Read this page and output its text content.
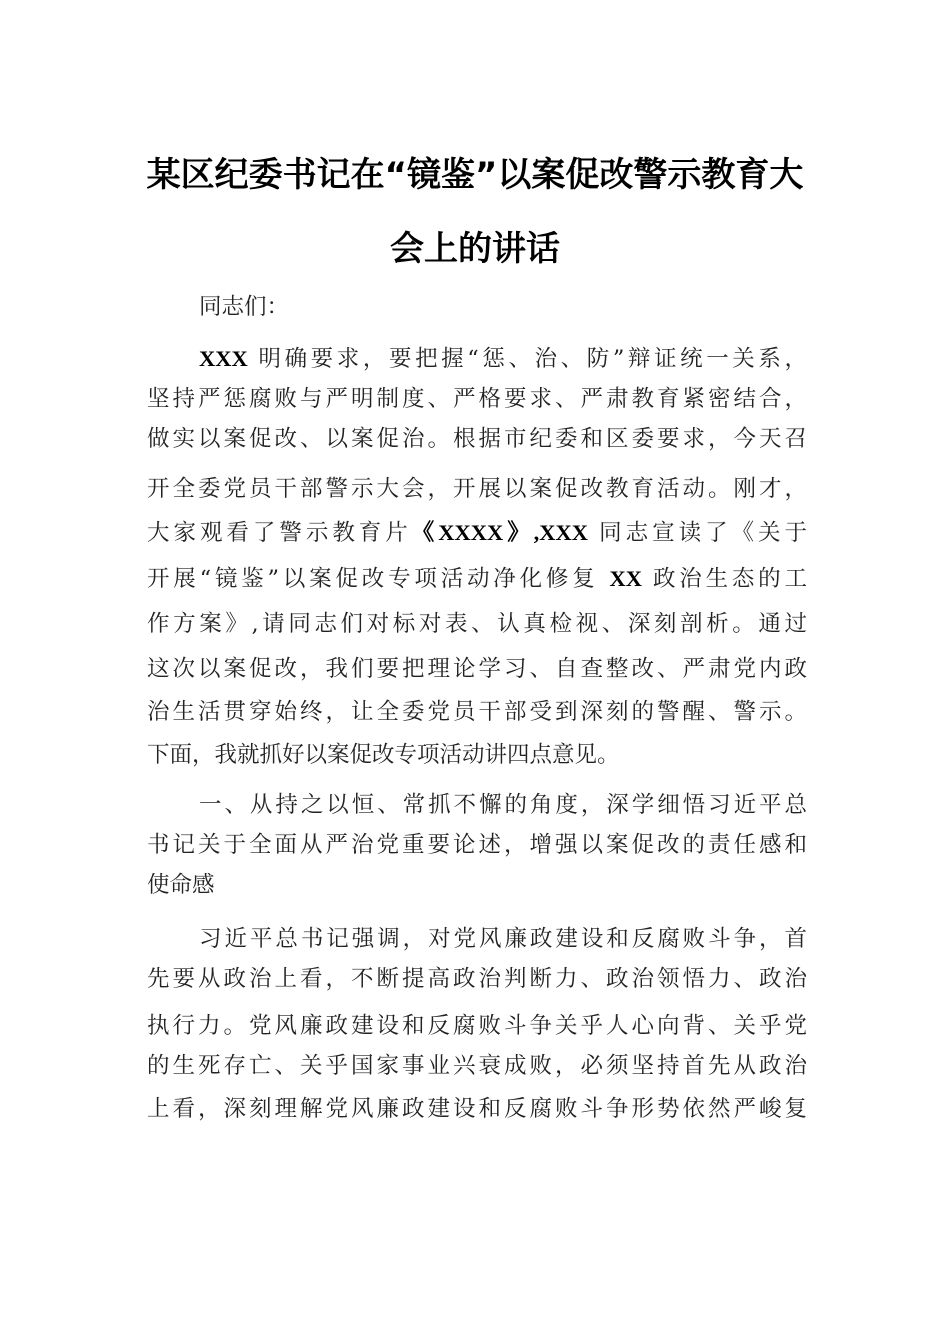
某区纪委书记在“镜鉴”以案促改警示教育大
会上的讲话
同志们：
XXX 明确要求，要把握“惩、治、防”辩证统一关系，
坚持严惩腐败与严明制度、严格要求、严肃教育紧密结合，
做实以案促改、以案促治。根据市纪委和区委要求，今天召
开全委党员干部警示大会，开展以案促改教育活动。刚才，
大家观看了警示教育片《XXXX》,XXX 同志宣读了《关于
开展“镜鉴”以案促改专项活动净化修复 XX 政治生态的工
作方案》,请同志们对标对表、认真检视、深刻剖析。通过
这次以案促改，我们要把理论学习、自查整改、严肃党内政
治生活贯穿始终，让全委党员干部受到深刻的警醒、警示。
下面，我就抓好以案促改专项活动讲四点意见。
一、从持之以恒、常抓不懈的角度，深学细悟习近平总
书记关于全面从严治党重要论述，增强以案促改的责任感和
使命感
习近平总书记强调，对党风廉政建设和反腐败斗争，首
先要从政治上看，不断提高政治判断力、政治领悟力、政治
执行力。党风廉政建设和反腐败斗争关乎人心向背、关乎党
的生死存亡、关乎国家事业兴衰成败，必须坚持首先从政治
上看，深刻理解党风廉政建设和反腐败斗争形势依然严峻复
